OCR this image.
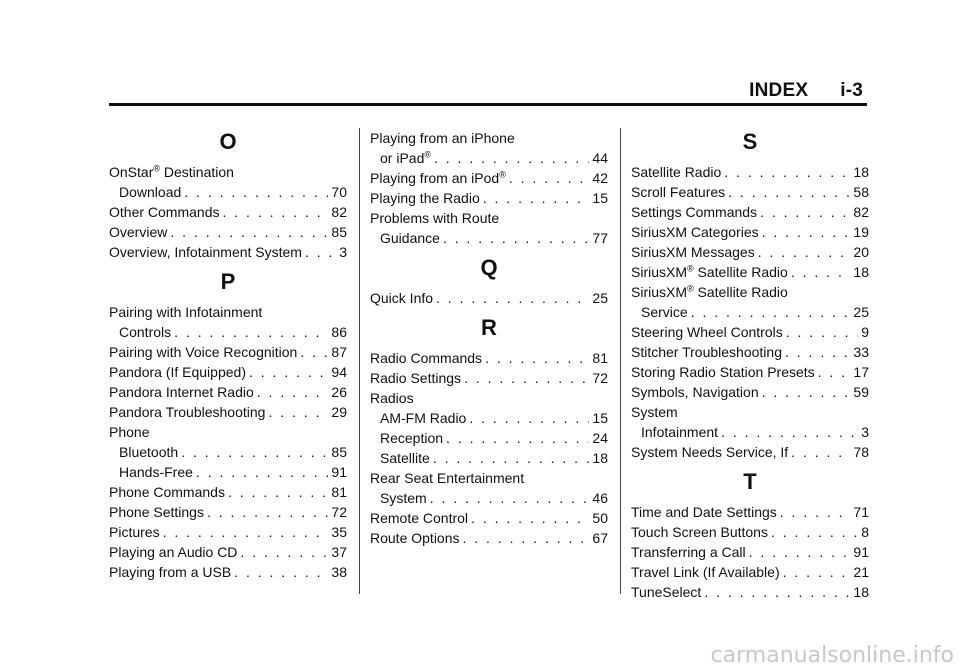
INDEX i-3
O
OnStar® Destination
Download . . .	70
Other Commands . . .	82
Overview . . .	85
Overview, Infotainment System . . .	3
P
Pairing with Infotainment
Controls . . .	86
Pairing with Voice Recognition . . . 87
Pandora (If Equipped) . . .	94
Pandora Internet Radio . . .	26
Pandora Troubleshooting . . .	29
Phone
Bluetooth . . .	85
Hands-Free . . .	91
Phone Commands . . .	81
Phone Settings . . .	72
Pictures . . .	35
Playing an Audio CD . . .	37
Playing from a USB . . .	38
Playing from an iPhone
or iPad® . . .	44
Playing from an iPod® . . .	42
Playing the Radio . . .	15
Problems with Route
Guidance . . .	77
Q
Quick Info . . .	25
R
Radio Commands . . .	81
Radio Settings . . .	72
Radios
AM-FM Radio . . .	15
Reception . . .	24
Satellite . . .	18
Rear Seat Entertainment
System . . .	46
Remote Control . . .	50
Route Options . . .	67
S
Satellite Radio . . .	18
Scroll Features . . .	58
Settings Commands . . .	82
SiriusXM Categories . . .	19
SiriusXM Messages . . .	20
SiriusXM® Satellite Radio . . .	18
SiriusXM® Satellite Radio
Service . . .	25
Steering Wheel Controls . . .	9
Stitcher Troubleshooting . . .	33
Storing Radio Station Presets . . .	17
Symbols, Navigation . . .	59
System
Infotainment . . .	3
System Needs Service, If . . .	78
T
Time and Date Settings . . .	71
Touch Screen Buttons . . .	8
Transferring a Call . . .	91
Travel Link (If Available) . . .	21
TuneSelect . . .	18
carmanualsonline.info
